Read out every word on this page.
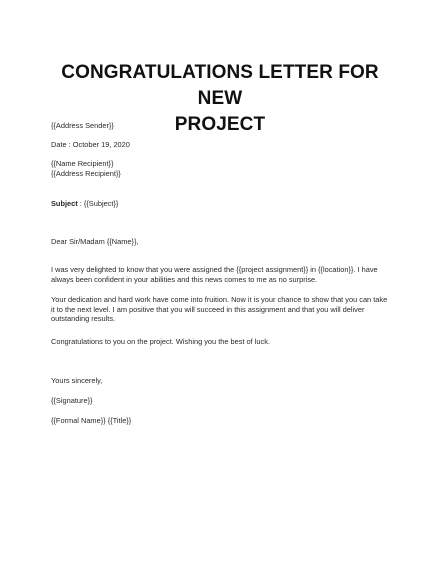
CONGRATULATIONS LETTER FOR NEW
PROJECT

{{Address Sender}}

Date : October 19, 2020

{{Name Recipient}}

{{Address Recipient}}

Subject : {{Subject}}

Dear Sir/Madam {{Name}},

I was very delighted to know that you were assigned the {{project assignment}} in {{location}}. I have

always been confident in your abilities and this news comes to me as no surprise.

Your dedication and hard work have come into fruition. Now it is your chance to show that you can take

it to the next level. I am positive that you will succeed in this assignment and that you will deliver

outstanding results.

Congratulations to you on the project. Wishing you the best of luck.

Yours sincerely,

{{Signature}}

{{Formal Name}} {{Title}}
